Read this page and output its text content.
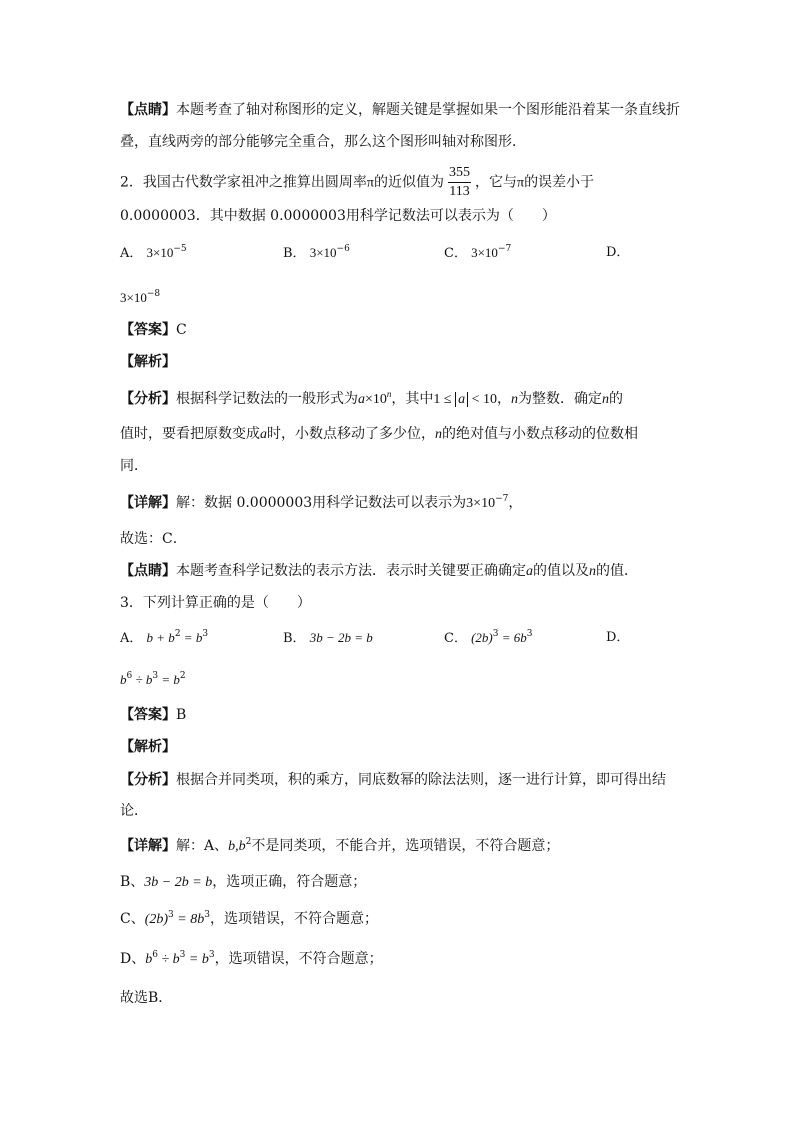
【点睛】本题考查了轴对称图形的定义，解题关键是掌握如果一个图形能沿着某一条直线折
叠，直线两旁的部分能够完全重合，那么这个图形叫轴对称图形．
2．我国古代数学家祖冲之推算出圆周率π的近似值为 $\frac{355}{113}$ ，它与π的误差小于
0.0000003．其中数据 0.0000003用科学记数法可以表示为（　　）
A． $3\times 10^{-5}$	B． $3\times 10^{-6}$	C． $3\times 10^{-7}$	D．
$3\times 10^{-8}$
【答案】C
【解析】
【分析】根据科学记数法的一般形式为$a\times 10^n$，其中1 ≤ a < 10，n为整数．确定n的
值时，要看把原数变成a时，小数点移动了多少位，n的绝对值与小数点移动的位数相
同．
【详解】解：数据 0.0000003用科学记数法可以表示为$3\times 10^{-7}$，
故选：C．
【点睛】本题考查科学记数法的表示方法．表示时关键要正确确定a的值以及n的值．
3．下列计算正确的是（　　）
A． $b + b^2 = b^3$	B． 3b − 2b = b	C． $(2b)^3 = 6b^3$	D．
$b^6 \div b^3 = b^2$
【答案】B
【解析】
【分析】根据合并同类项，积的乘方，同底数幂的除法法则，逐一进行计算，即可得出结
论．
【详解】解：A、$b,b^2$不是同类项，不能合并，选项错误，不符合题意；
B、3b − 2b = b，选项正确，符合题意；
C、$(2b)^3 = 8b^3$，选项错误，不符合题意；
D、$b^6 \div b^3 = b^3$，选项错误，不符合题意；
故选B．
